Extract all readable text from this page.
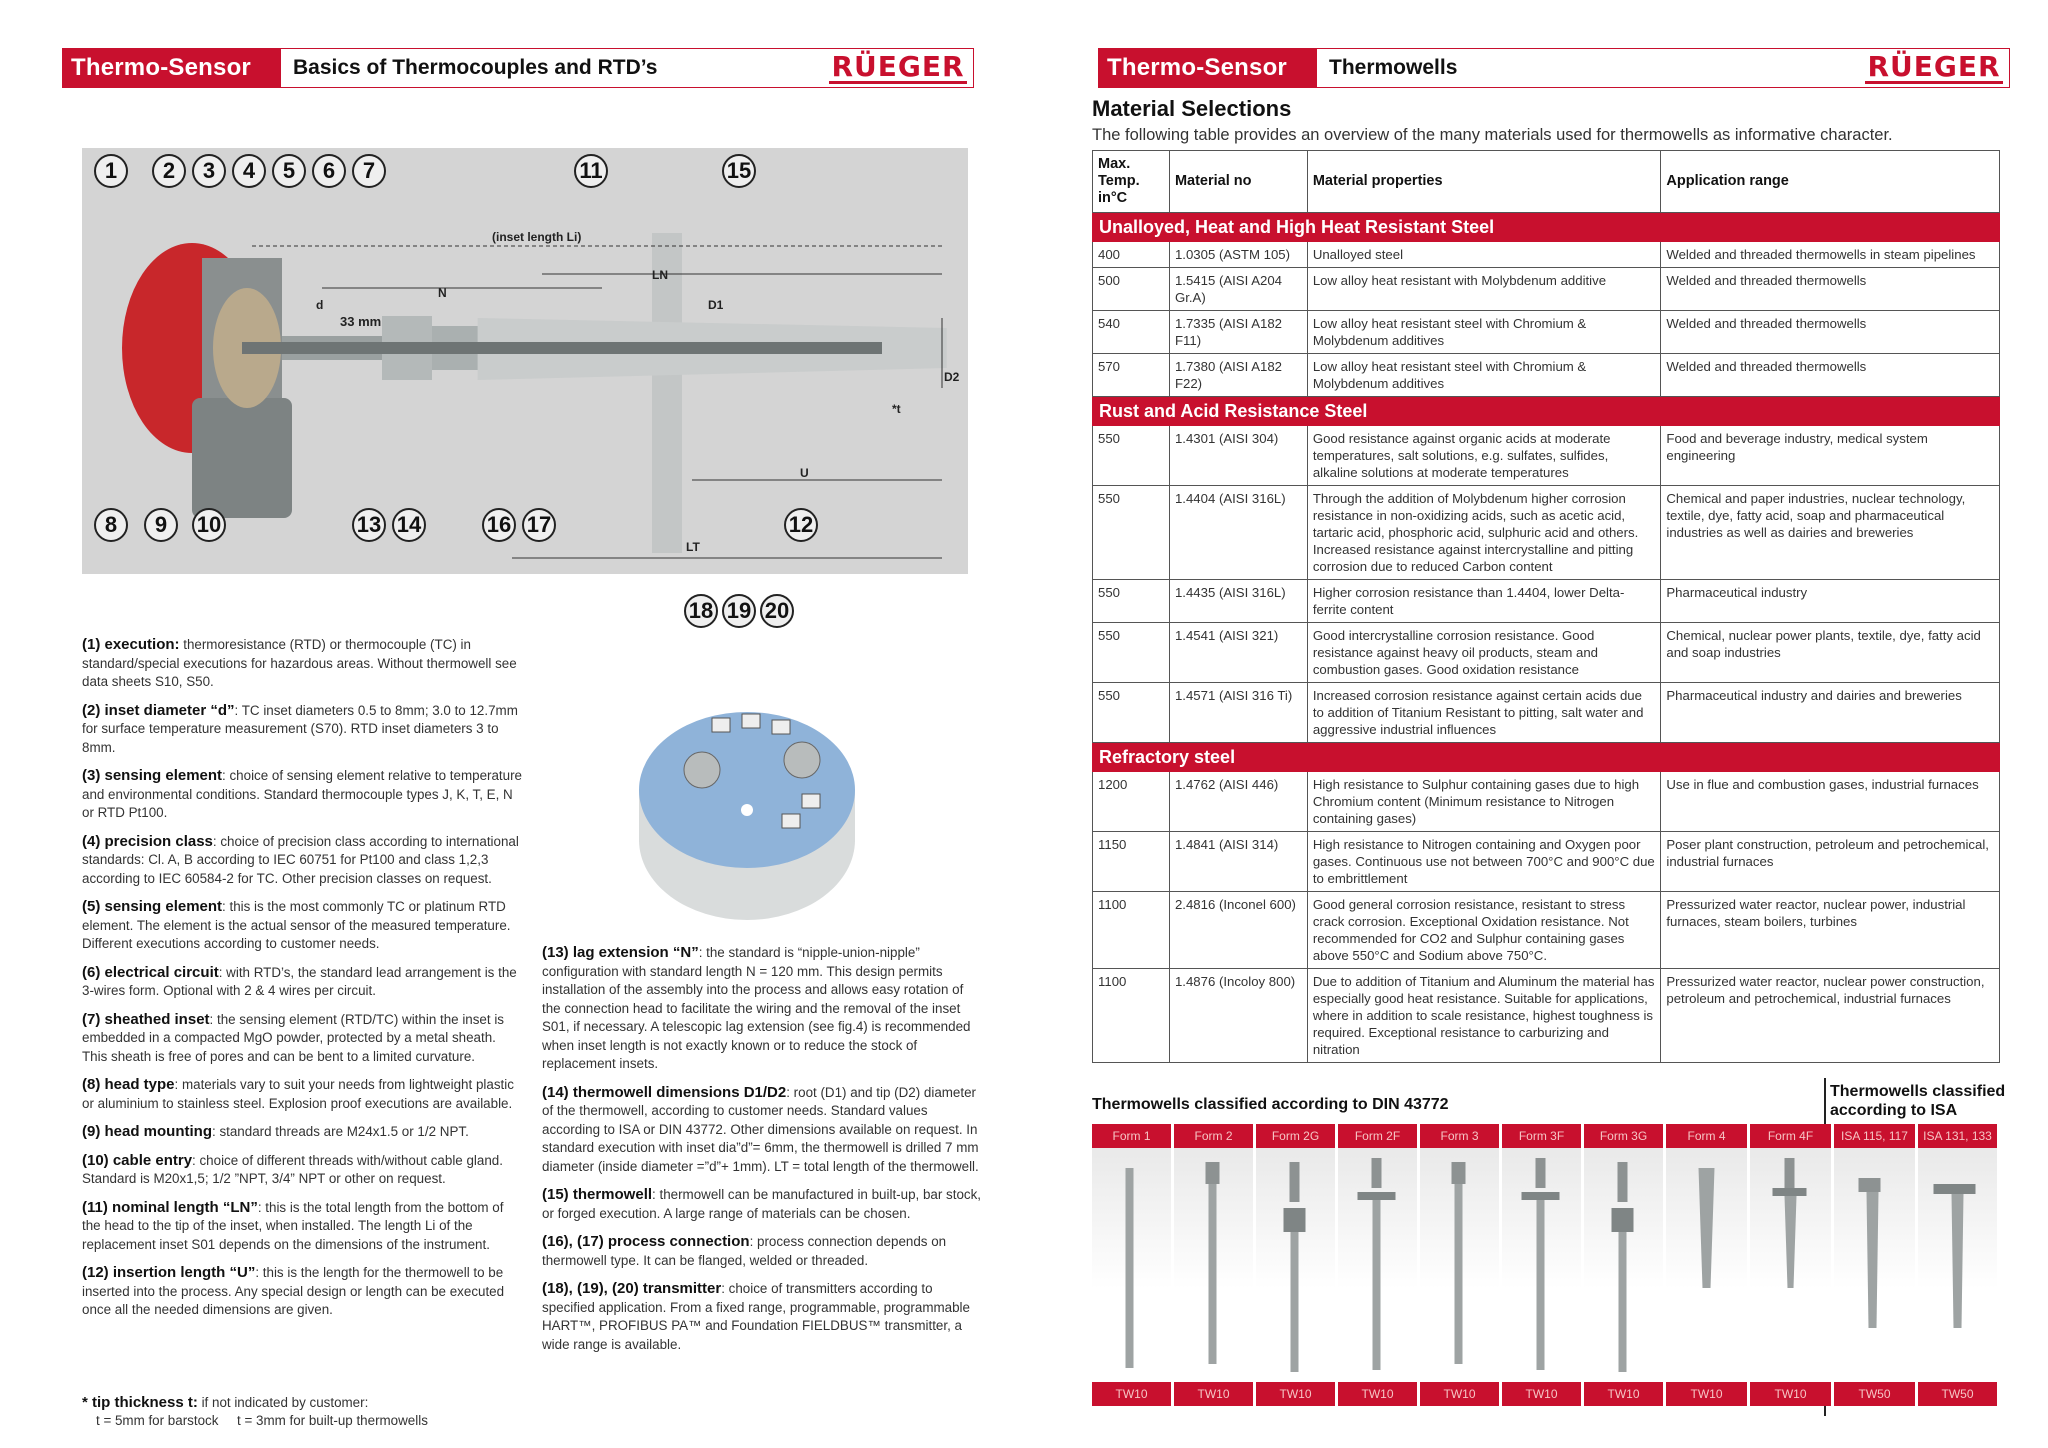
Thermo-Sensor	Basics of Thermocouples and RTD’s	RÜEGER
1	2	3	4	5	6	7	11	15
8	9	10	13 14	16 17	12
(inset length Li)
N
LN
d	D1
D2
33 mm
*t
U
LT
18 19 20
(1) execution: thermoresistance (RTD) or thermocouple (TC) in standard/special executions for hazardous areas. Without thermowell see data sheets S10, S50.
(2) inset diameter “d”: TC inset diameters 0.5 to 8mm; 3.0 to 12.7mm for surface temperature measurement (S70). RTD inset diameters 3 to 8mm.
(3) sensing element: choice of sensing element relative to temperature and environmental conditions. Standard thermocouple types J, K, T, E, N or RTD Pt100.
(4) precision class: choice of precision class according to international standards: Cl. A, B according to IEC 60751 for Pt100 and class 1,2,3 according to IEC 60584-2 for TC. Other precision classes on request.
(5) sensing element: this is the most commonly TC or platinum RTD element. The element is the actual sensor of the measured temperature. Different executions according to customer needs.
(6) electrical circuit: with RTD’s, the standard lead arrangement is the 3-wires form. Optional with 2 & 4 wires per circuit.
(7) sheathed inset: the sensing element (RTD/TC) within the inset is embedded in a compacted MgO powder, protected by a metal sheath. This sheath is free of pores and can be bent to a limited curvature.
(8) head type: materials vary to suit your needs from lightweight plastic or aluminium to stainless steel. Explosion proof executions are available.
(9) head mounting: standard threads are M24x1.5 or 1/2 NPT.
(10) cable entry: choice of different threads with/without cable gland. Standard is M20x1,5; 1/2 ”NPT, 3/4” NPT or other on request.
(11) nominal length “LN”: this is the total length from the bottom of the head to the tip of the inset, when installed. The length Li of the replacement inset S01 depends on the dimensions of the instrument.
(12) insertion length “U”: this is the length for the thermowell to be inserted into the process. Any special design or length can be executed once all the needed dimensions are given.
(13) lag extension “N”: the standard is “nipple-union-nipple” configuration with standard length N = 120 mm. This design permits installation of the assembly into the process and allows easy rotation of the connection head to facilitate the wiring and the removal of the inset S01, if necessary. A telescopic lag extension (see fig.4) is recommended when inset length is not exactly known or to reduce the stock of replacement insets.
(14) thermowell dimensions D1/D2: root (D1) and tip (D2) diameter of the thermowell, according to customer needs. Standard values according to ISA or DIN 43772. Other dimensions available on request. In standard execution with inset dia”d”= 6mm, the thermowell is drilled 7 mm diameter (inside diameter =”d”+ 1mm). LT = total length of the thermowell.
(15) thermowell: thermowell can be manufactured in built-up, bar stock, or forged execution. A large range of materials can be chosen.
(16), (17) process connection: process connection depends on thermowell type. It can be flanged, welded or threaded.
(18), (19), (20) transmitter: choice of transmitters according to specified application. From a fixed range, programmable, programmable HART™, PROFIBUS PA™ and Foundation FIELDBUS™ transmitter, a wide range is available.
* tip thickness t: if not indicated by customer:
t = 5mm for barstock     t = 3mm for built-up thermowells
Thermo-Sensor	Thermowells	RÜEGER
Material Selections
The following table provides an overview of the many materials used for thermowells as informative character.
Max. Temp. in°C	Material no	Material properties	Application range
Unalloyed, Heat and High Heat Resistant Steel			
400	1.0305 (ASTM 105)	Unalloyed steel	Welded and threaded thermowells in steam pipelines
500	1.5415 (AISI A204 Gr.A)	Low alloy heat resistant with Molybdenum additive	Welded and threaded thermowells
540	1.7335 (AISI A182 F11)	Low alloy heat resistant steel with Chromium & Molybdenum additives	Welded and threaded thermowells
570	1.7380 (AISI A182 F22)	Low alloy heat resistant steel with Chromium & Molybdenum additives	Welded and threaded thermowells
Rust and Acid Resistance Steel			
550	1.4301 (AISI 304)	Good resistance against organic acids at moderate temperatures, salt solutions, e.g. sulfates, sulfides, alkaline solutions at moderate temperatures	Food and beverage industry, medical system engineering
550	1.4404 (AISI 316L)	Through the addition of Molybdenum higher corrosion resistance in non-oxidizing acids, such as acetic acid, tartaric acid, phosphoric acid, sulphuric acid and others. Increased resistance against intercrystalline and pitting corrosion due to reduced Carbon content	Chemical and paper industries, nuclear technology, textile, dye, fatty acid, soap and pharmaceutical industries as well as dairies and breweries
550	1.4435 (AISI 316L)	Higher corrosion resistance than 1.4404, lower Delta-ferrite content	Pharmaceutical industry
550	1.4541 (AISI 321)	Good intercrystalline corrosion resistance. Good resistance against heavy oil products, steam and combustion gases. Good oxidation resistance	Chemical, nuclear power plants, textile, dye, fatty acid and soap industries
550	1.4571 (AISI 316 Ti)	Increased corrosion resistance against certain acids due to addition of Titanium Resistant to pitting, salt water and aggressive industrial influences	Pharmaceutical industry and dairies and breweries
Refractory steel			
1200	1.4762 (AISI 446)	High resistance to Sulphur containing gases due to high Chromium content (Minimum resistance to Nitrogen containing gases)	Use in flue and combustion gases, industrial furnaces
1150	1.4841 (AISI 314)	High resistance to Nitrogen containing and Oxygen poor gases. Continuous use not between 700°C and 900°C due to embrittlement	Poser plant construction, petroleum and petrochemical, industrial furnaces
1100	2.4816 (Inconel 600)	Good general corrosion resistance, resistant to stress crack corrosion. Exceptional Oxidation resistance. Not recommended for CO2 and Sulphur containing gases above 550°C and Sodium above 750°C.	Pressurized water reactor, nuclear power, industrial furnaces, steam boilers, turbines
1100	1.4876 (Incoloy 800)	Due to addition of Titanium and Aluminum the material has especially good heat resistance. Suitable for applications, where in addition to scale resistance, highest toughness is required. Exceptional resistance to carburizing and nitration	Pressurized water reactor, nuclear power construction, petroleum and petrochemical, industrial furnaces
Thermowells classified according to DIN 43772
Thermowells classified according to ISA
Form 1
TW10
Form 2
TW10
Form 2G
TW10
Form 2F
TW10
Form 3
TW10
Form 3F
TW10
Form 3G
TW10
Form 4
TW10
Form 4F
TW10
ISA 115, 117
TW50
ISA 131, 133
TW50
